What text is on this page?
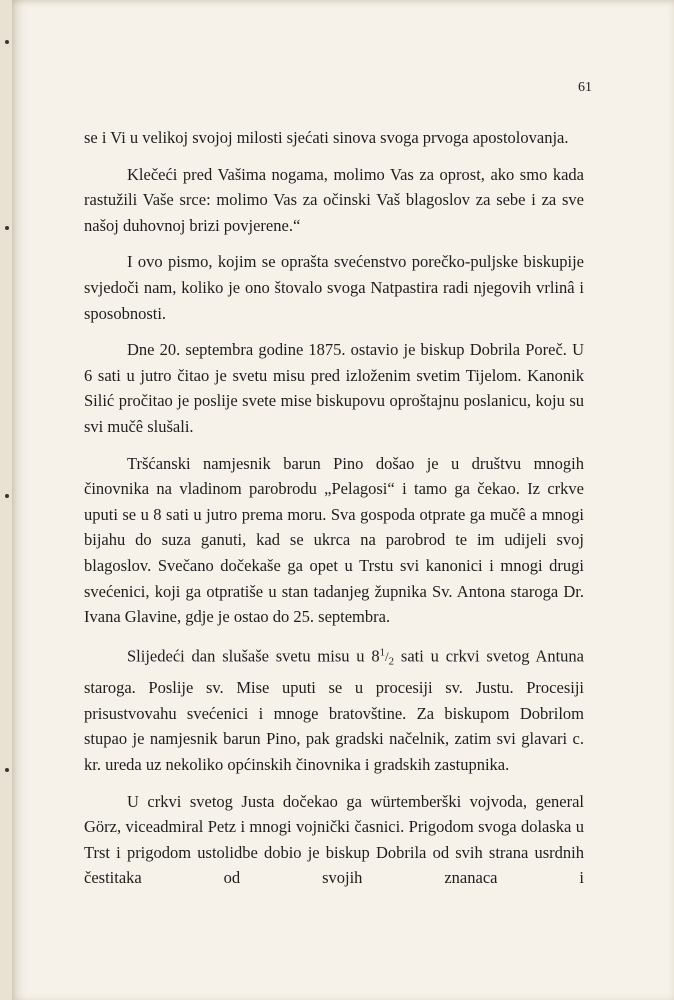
61

se i Vi u velikoj svojoj milosti sjećati sinova svoga prvoga apostolovanja.

Klečeći pred Vašima nogama, molimo Vas za oprost, ako smo kada rastužili Vaše srce: molimo Vas za očinski Vaš blagoslov za sebe i za sve našoj duhovnoj brizi povjerene.“

I ovo pismo, kojim se oprašta svećenstvo porečko-puljske biskupije svjedoči nam, koliko je ono štovalo svoga Natpastira radi njegovih vrlinâ i sposobnosti.

Dne 20. septembra godine 1875. ostavio je biskup Dobrila Poreč. U 6 sati u jutro čitao je svetu misu pred izloženim svetim Tijelom. Kanonik Silić pročitao je poslije svete mise biskupovu oproštajnu poslanicu, koju su svi mučê slušali.

Tršćanski namjesnik barun Pino došao je u društvu mnogih činovnika na vladinom parobrodu „Pelagosi“ i tamo ga čekao. Iz crkve uputi se u 8 sati u jutro prema moru. Sva gospoda otprate ga mučê a mnogi bijahu do suza ganuti, kad se ukrca na parobrod te im udijeli svoj blagoslov. Svečano dočekaše ga opet u Trstu svi kanonici i mnogi drugi svećenici, koji ga otpratiše u stan tadanjeg župnika Sv. Antona staroga Dr. Ivana Glavine, gdje je ostao do 25. septembra.

Slijedeći dan slušaše svetu misu u $8^1/_2$ sati u crkvi svetog Antuna staroga. Poslije sv. Mise uputi se u procesiji sv. Justu. Procesiji prisustvovahu svećenici i mnoge bratovštine. Za biskupom Dobrilom stupao je namjesnik barun Pino, pak gradski načelnik, zatim svi glavari c. kr. ureda uz nekoliko općinskih činovnika i gradskih zastupnika.

U crkvi svetog Justa dočekao ga würtemberški vojvoda, general Görz, viceadmiral Petz i mnogi vojnički časnici. Prigodom svoga dolaska u Trst i prigodom ustolidbe dobio je biskup Dobrila od svih strana usrdnih čestitaka od svojih znanaca i
